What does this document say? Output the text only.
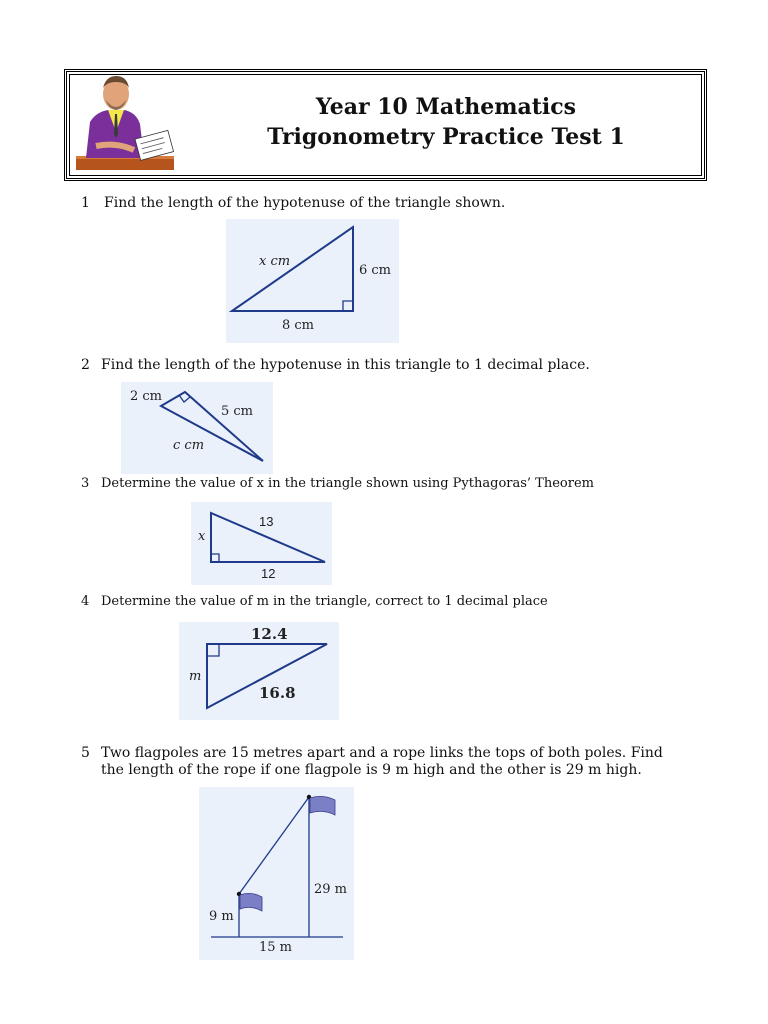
Year 10 Mathematics
Trigonometry Practice Test 1
1 Find the length of the hypotenuse of the triangle shown.
x cm
6 cm
8 cm
2 Find the length of the hypotenuse in this triangle to 1 decimal place.
2 cm
5 cm
c cm
3 Determine the value of x in the triangle shown using Pythagoras’ Theorem
13
x
12
4 Determine the value of m in the triangle, correct to 1 decimal place
12.4
m
16.8
5 Two flagpoles are 15 metres apart and a rope links the tops of both poles. Find the length of the rope if one flagpole is 9 m high and the other is 29 m high.
29 m
9 m
15 m
